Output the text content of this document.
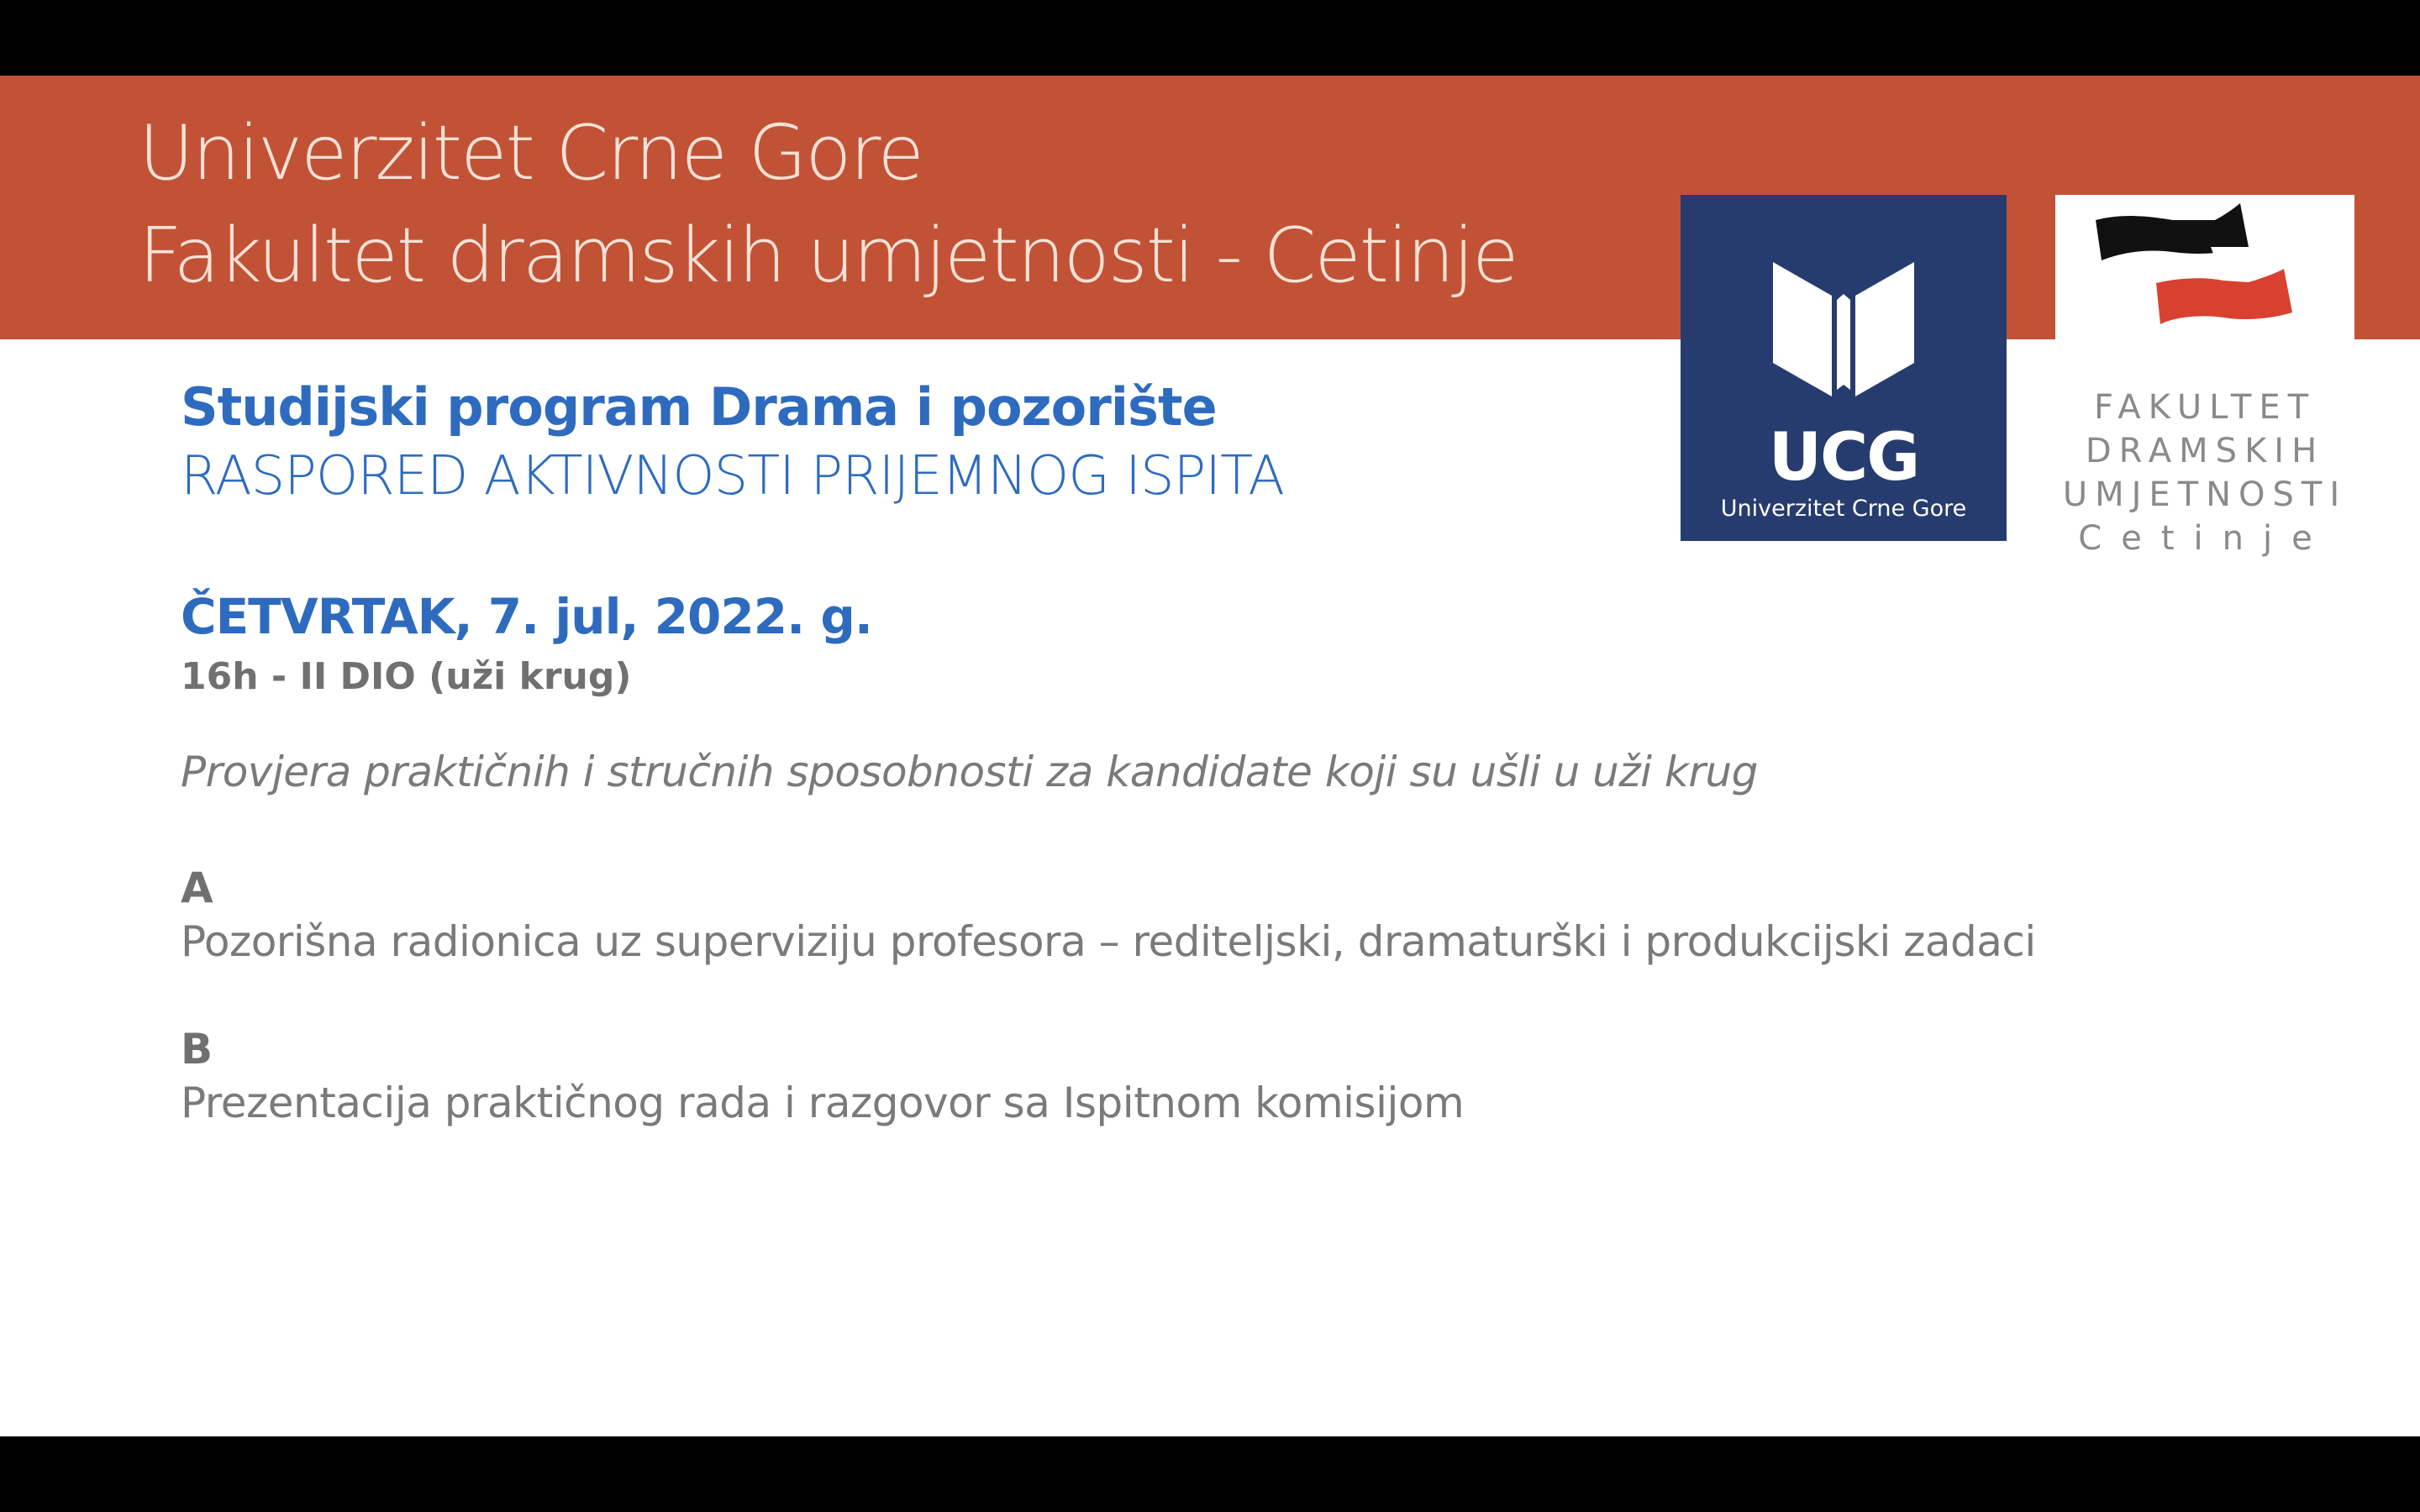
Univerzitet Crne Gore
Fakultet dramskih umjetnosti - Cetinje
UCG
Univerzitet Crne Gore
FAKULTET
DRAMSKIH
UMJETNOSTI
Cetinje
Studijski program Drama i pozorište
RASPORED AKTIVNOSTI PRIJEMNOG ISPITA
ČETVRTAK, 7. jul, 2022. g.
16h - II DIO (uži krug)
Provjera praktičnih i stručnih sposobnosti za kandidate koji su ušli u uži krug
A
Pozorišna radionica uz superviziju profesora – rediteljski, dramaturški i produkcijski zadaci
B
Prezentacija praktičnog rada i razgovor sa Ispitnom komisijom
